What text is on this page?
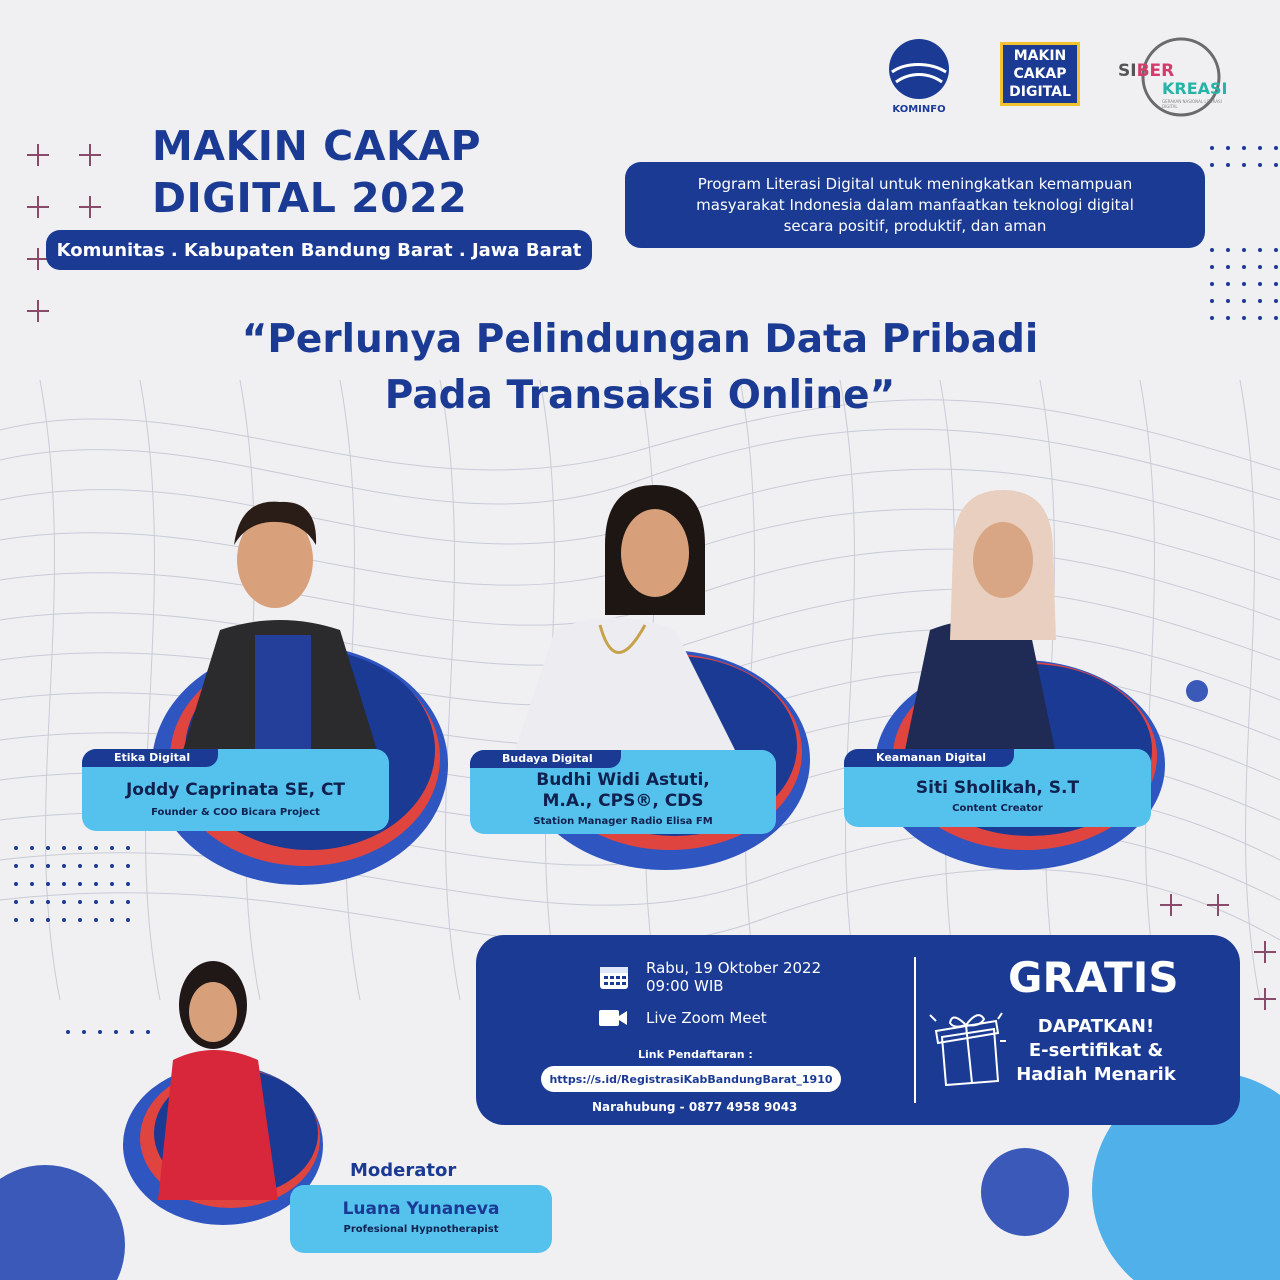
KOMINFO
MAKIN
CAKAP
DIGITAL
SIBER
KREASI
GERAKAN NASIONAL LITERASI DIGITAL
MAKIN CAKAP
DIGITAL 2022
Komunitas . Kabupaten Bandung Barat . Jawa Barat
Program Literasi Digital untuk meningkatkan kemampuan
masyarakat Indonesia dalam manfaatkan teknologi digital
secara positif, produktif, dan aman
“Perlunya Pelindungan Data Pribadi
Pada Transaksi Online”
Etika Digital
Joddy Caprinata SE, CT
Founder & COO Bicara Project
Budaya Digital
Budhi Widi Astuti,
M.A., CPS®, CDS
Station Manager Radio Elisa FM
Keamanan Digital
Siti Sholikah, S.T
Content Creator
Moderator
Luana Yunaneva
Profesional Hypnotherapist
Rabu, 19 Oktober 2022
09:00 WIB
Live Zoom Meet
Link Pendaftaran :
Narahubung - 0877 4958 9043
GRATIS
DAPATKAN!
E-sertifikat &
Hadiah Menarik
https://s.id/RegistrasiKabBandungBarat_1910
